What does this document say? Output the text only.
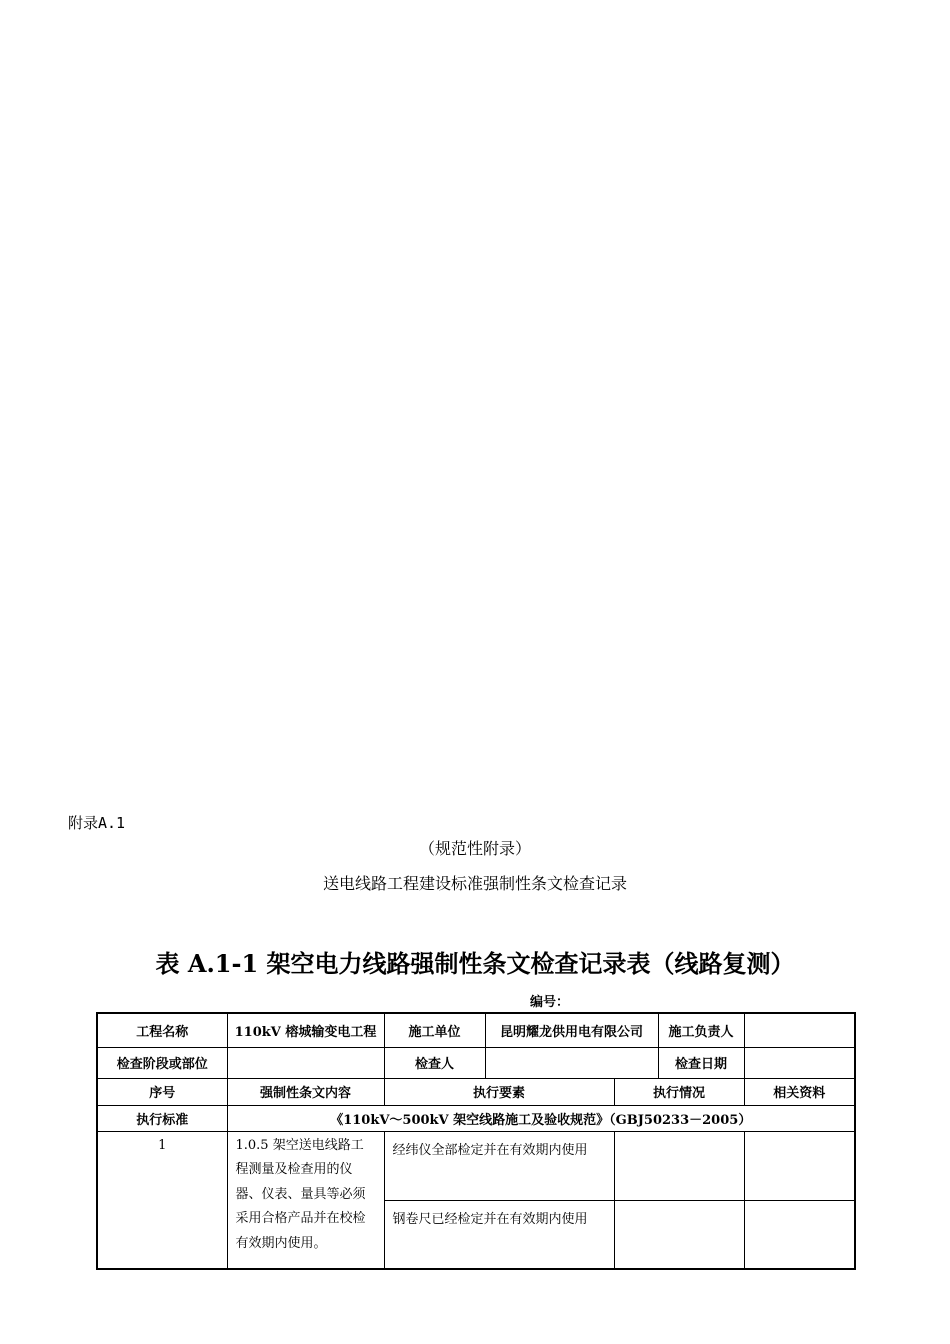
附录A.1
（规范性附录）
送电线路工程建设标准强制性条文检查记录
表 A.1-1 架空电力线路强制性条文检查记录表（线路复测）
编号：
工程名称	110kV 榕城输变电工程	施工单位	昆明耀龙供用电有限公司		施工负责人	
检查阶段或部位		检查人			检查日期	
序号	强制性条文内容	执行要素		执行情况		相关资料
执行标准	《110kV～500kV 架空线路施工及验收规范》（GBJ50233－2005）					
1	1.0.5 架空送电线路工程测量及检查用的仪器、仪表、量具等必须采用合格产品并在校检有效期内使用。	经纬仪全部检定并在有效期内使用				
		钢卷尺已经检定并在有效期内使用				
